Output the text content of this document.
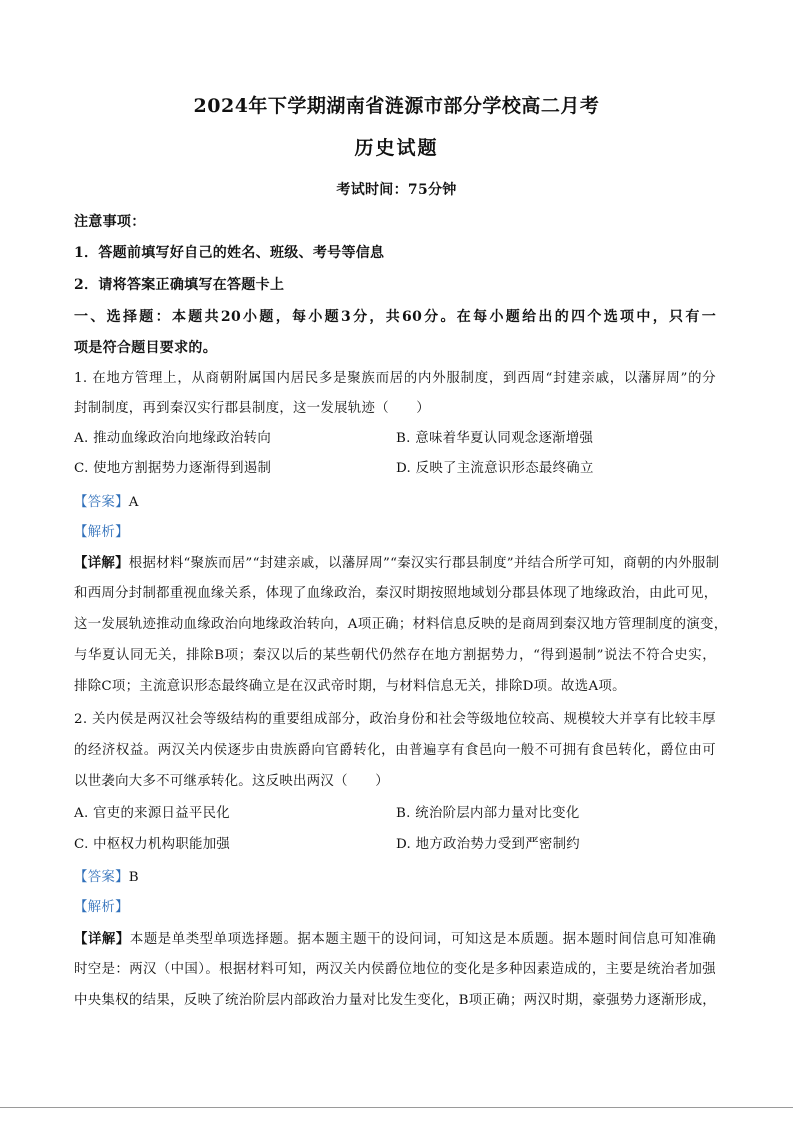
2024年下学期湖南省涟源市部分学校高二月考
历史试题
考试时间：75分钟
注意事项：
1．答题前填写好自己的姓名、班级、考号等信息
2．请将答案正确填写在答题卡上
一、选择题：本题共20小题，每小题3分，共60分。在每小题给出的四个选项中，只有一
项是符合题目要求的。
1. 在地方管理上，从商朝附属国内居民多是聚族而居的内外服制度，到西周“封建亲戚，以藩屏周”的分
封制制度，再到秦汉实行郡县制度，这一发展轨迹（　　）
A. 推动血缘政治向地缘政治转向	B. 意味着华夏认同观念逐渐增强
C. 使地方割据势力逐渐得到遏制	D. 反映了主流意识形态最终确立
【答案】A
【解析】
【详解】根据材料“聚族而居”“封建亲戚，以藩屏周”“秦汉实行郡县制度”并结合所学可知，商朝的内外服制
和西周分封制都重视血缘关系，体现了血缘政治，秦汉时期按照地域划分郡县体现了地缘政治，由此可见，
这一发展轨迹推动血缘政治向地缘政治转向，A项正确；材料信息反映的是商周到秦汉地方管理制度的演变，
与华夏认同无关，排除B项；秦汉以后的某些朝代仍然存在地方割据势力，“得到遏制”说法不符合史实，
排除C项；主流意识形态最终确立是在汉武帝时期，与材料信息无关，排除D项。故选A项。
2. 关内侯是两汉社会等级结构的重要组成部分，政治身份和社会等级地位较高、规模较大并享有比较丰厚
的经济权益。两汉关内侯逐步由贵族爵向官爵转化，由普遍享有食邑向一般不可拥有食邑转化，爵位由可
以世袭向大多不可继承转化。这反映出两汉（　　）
A. 官吏的来源日益平民化	B. 统治阶层内部力量对比变化
C. 中枢权力机构职能加强	D. 地方政治势力受到严密制约
【答案】B
【解析】
【详解】本题是单类型单项选择题。据本题主题干的设问词，可知这是本质题。据本题时间信息可知准确
时空是：两汉（中国）。根据材料可知，两汉关内侯爵位地位的变化是多种因素造成的，主要是统治者加强
中央集权的结果，反映了统治阶层内部政治力量对比发生变化，B项正确；两汉时期，豪强势力逐渐形成，
